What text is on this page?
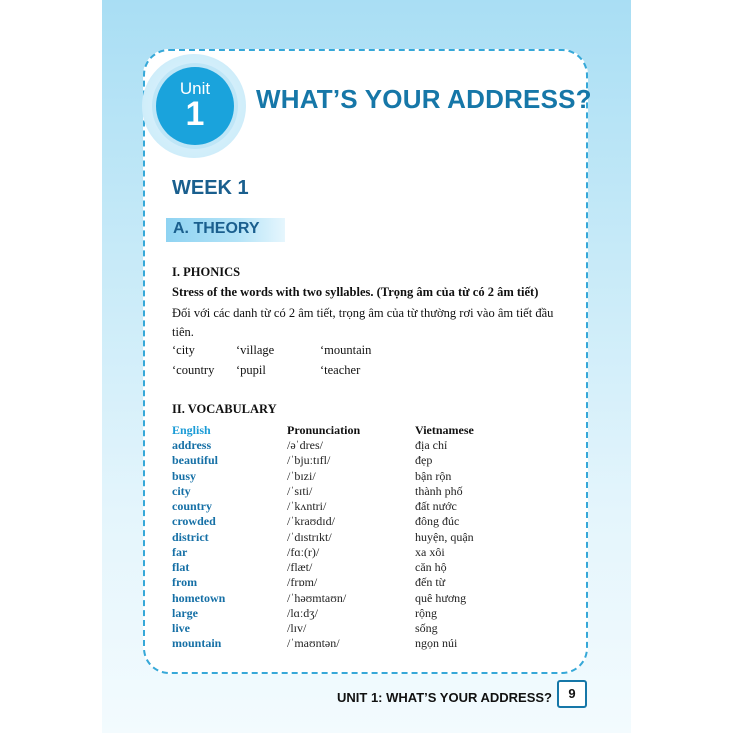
Unit
1	WHAT’S YOUR ADDRESS?
WEEK 1
A. THEORY
I. PHONICS
Stress of the words with two syllables. (Trọng âm của từ có 2 âm tiết)
Đối với các danh từ có 2 âm tiết, trọng âm của từ thường rơi vào âm tiết đầu
tiên.
‘city	‘village	‘mountain
‘country ‘pupil	‘teacher
II. VOCABULARY
English	Pronunciation	Vietnamese
address	/əˈdres/	địa chỉ
beautiful	/ˈbjuːtɪfl/	đẹp
busy	/ˈbɪzi/	bận rộn
city	/ˈsɪti/	thành phố
country	/ˈkʌntri/	đất nước
crowded	/ˈkraʊdɪd/	đông đúc
district	/ˈdɪstrɪkt/	huyện, quận
far	/fɑː(r)/	xa xôi
flat	/flæt/	căn hộ
from	/frɒm/	đến từ
hometown	/ˈhəʊmtaʊn/	quê hương
large	/lɑːdʒ/	rộng
live	/lɪv/	sống
mountain	/ˈmaʊntən/	ngọn núi
UNIT 1: WHAT’S YOUR ADDRESS?	9
